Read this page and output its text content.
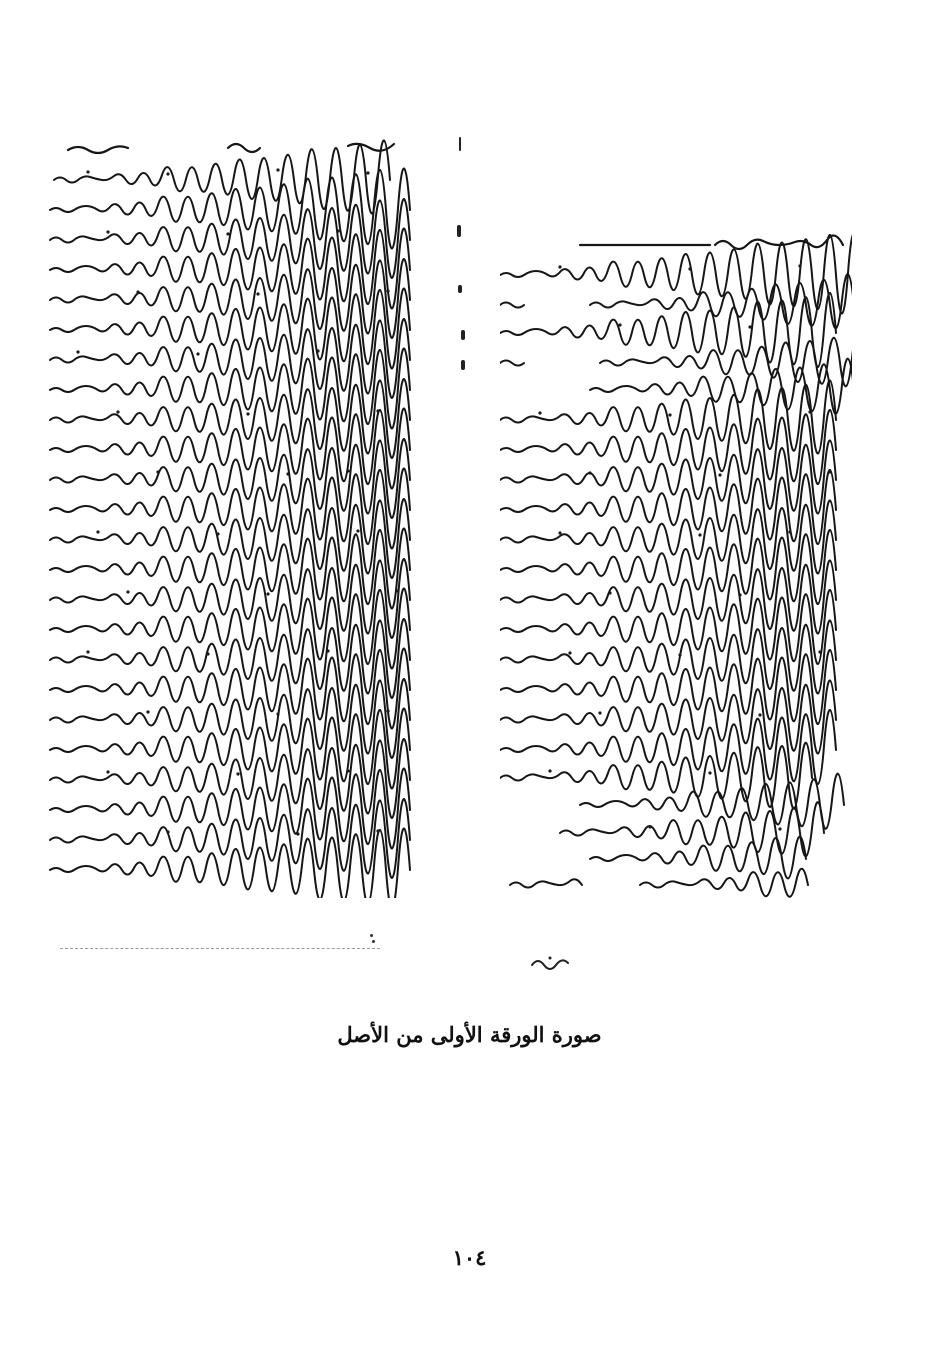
صورة الورقة الأولى من الأصل
١٠٤
